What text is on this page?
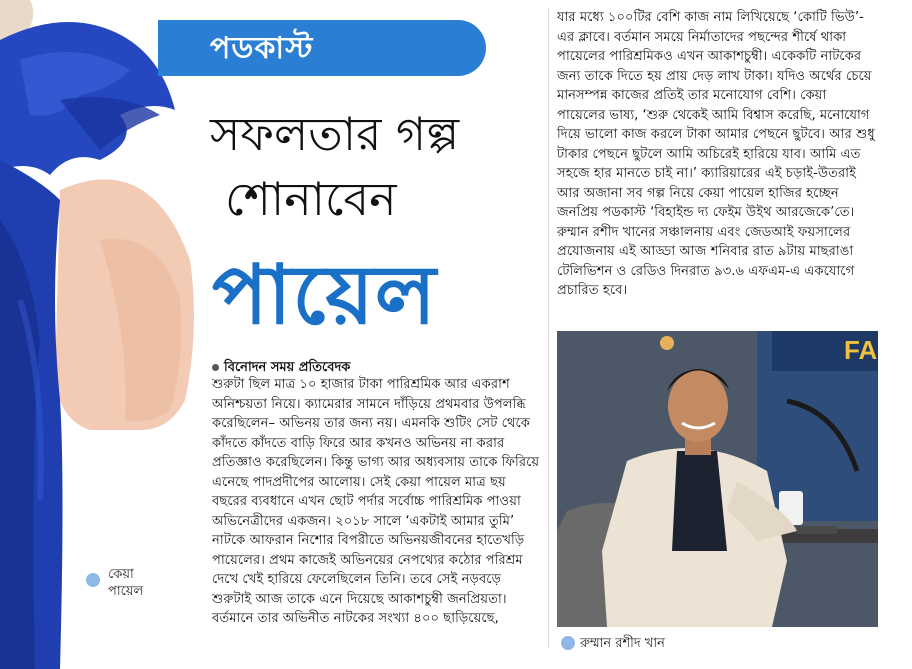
পডকাস্ট
সফলতার গল্প
শোনাবেন
পায়েল
বিনোদন সময় প্রতিবেদক

শুরুটা ছিল মাত্র ১০ হাজার টাকা পারিশ্রমিক আর একরাশ অনিশ্চয়তা নিয়ে। ক্যামেরার সামনে দাঁড়িয়ে প্রথমবার উপলব্ধি করেছিলেন– অভিনয় তার জন্য নয়। এমনকি শুটিং সেট থেকে কাঁদতে কাঁদতে বাড়ি ফিরে আর কখনও অভিনয় না করার প্রতিজ্ঞাও করেছিলেন। কিন্তু ভাগ্য আর অধ্যবসায় তাকে ফিরিয়ে এনেছে পাদপ্রদীপের আলোয়। সেই কেয়া পায়েল মাত্র ছয় বছরের ব্যবধানে এখন ছোট পর্দার সর্বোচ্চ পারিশ্রমিক পাওয়া অভিনেত্রীদের একজন। ২০১৮ সালে ‘একটাই আমার তুমি’ নাটকে আফরান নিশোর বিপরীতে অভিনয়জীবনের হাতেখড়ি পায়েলের। প্রথম কাজেই অভিনয়ের নেপথ্যের কঠোর পরিশ্রম দেখে খেই হারিয়ে ফেলেছিলেন তিনি। তবে সেই নড়বড়ে শুরুটাই আজ তাকে এনে দিয়েছে আকাশচুম্বী জনপ্রিয়তা। বর্তমানে তার অভিনীত নাটকের সংখ্যা ৪০০ ছাড়িয়েছে,

যার মধ্যে ১০০টির বেশি কাজ নাম লিখিয়েছে ‘কোটি ভিউ’-এর ক্লাবে। বর্তমান সময়ে নির্মাতাদের পছন্দের শীর্ষে থাকা পায়েলের পারিশ্রমিকও এখন আকাশচুম্বী। একেকটি নাটকের জন্য তাকে দিতে হয় প্রায় দেড় লাখ টাকা। যদিও অর্থের চেয়ে মানসম্পন্ন কাজের প্রতিই তার মনোযোগ বেশি। কেয়া পায়েলের ভাষ্য, ‘শুরু থেকেই আমি বিশ্বাস করেছি, মনোযোগ দিয়ে ভালো কাজ করলে টাকা আমার পেছনে ছুটবে। আর শুধু টাকার পেছনে ছুটলে আমি অচিরেই হারিয়ে যাব। আমি এত সহজে হার মানতে চাই না।’ ক্যারিয়ারের এই চড়াই-উতরাই আর অজানা সব গল্প নিয়ে কেয়া পায়েল হাজির হচ্ছেন জনপ্রিয় পডকাস্ট ‘বিহাইন্ড দ্য ফেইম উইথ আরজেকে’তে। রুম্মান রশীদ খানের সঞ্চালনায় এবং জেডআই ফয়সালের প্রযোজনায় এই আড্ডা আজ শনিবার রাত ৯টায় মাছরাঙা টেলিভিশন ও রেডিও দিনরাত ৯৩.৬ এফএম-এ একযোগে প্রচারিত হবে।

কেয়া
পায়েল
FA
রুম্মান রশীদ খান
